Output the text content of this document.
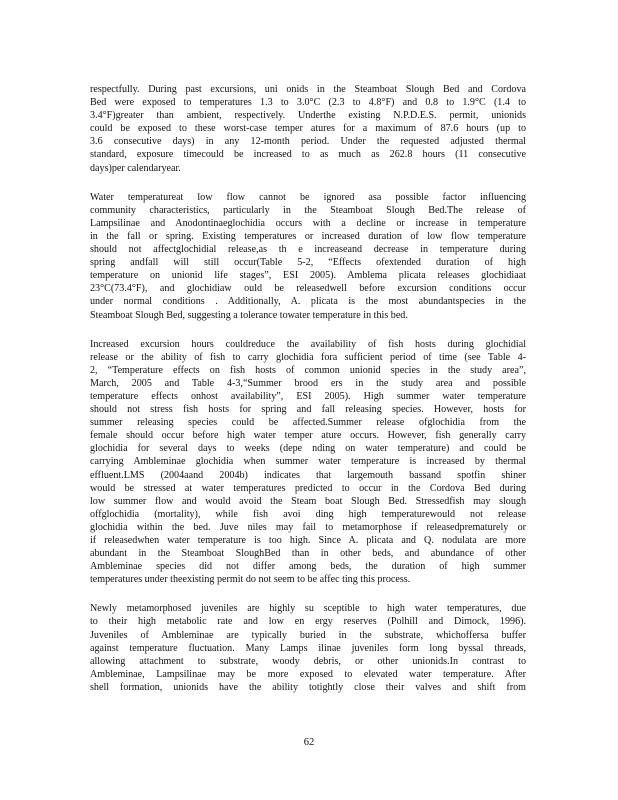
respectfully. During past excursions, uni onids in the Steamboat Slough Bed and Cordova
Bed were exposed to temperatures 1.3 to 3.0°C (2.3 to 4.8°F) and 0.8 to 1.9°C (1.4 to
3.4°F)greater than ambient, respectively. Underthe existing N.P.D.E.S. permit, unionids
could be exposed to these worst-case temper atures for a maximum of 87.6 hours (up to
3.6 consecutive days) in any 12-month period. Under the requested adjusted thermal
standard, exposure timecould be increased to as much as 262.8 hours (11 consecutive
days)per calendaryear.

Water temperatureat low flow cannot be ignored asa possible factor influencing
community characteristics, particularly in the Steamboat Slough Bed.The release of
Lampsilinae and Anodontinaeglochidia occurs with a decline or increase in temperature
in the fall or spring. Existing temperatures or increased duration of low flow temperature
should not affectglochidial release,as th e increaseand decrease in temperature during
spring andfall will still occur(Table 5-2, “Effects ofextended duration of high
temperature on unionid life stages”, ESI 2005). Amblema plicata releases glochidiaat
23°C(73.4°F), and glochidiaw ould be releasedwell before excursion conditions occur
under normal conditions . Additionally, A. plicata is the most abundantspecies in the
Steamboat Slough Bed, suggesting a tolerance towater temperature in this bed.

Increased excursion hours couldreduce the availability of fish hosts during glochidial
release or the ability of fish to carry glochidia fora sufficient period of time (see Table 4-
2, “Temperature effects on fish hosts of common unionid species in the study area”,
March, 2005 and Table 4-3,“Summer brood ers in the study area and possible
temperature effects onhost availability”, ESI 2005). High summer water temperature
should not stress fish hosts for spring and fall releasing species. However, hosts for
summer releasing species could be affected.Summer release ofglochidia from the
female should occur before high water temper ature occurs. However, fish generally carry
glochidia for several days to weeks (depe nding on water temperature) and could be
carrying Ambleminae glochidia when summer water temperature is increased by thermal
effluent.LMS (2004aand 2004b) indicates that largemouth bassand spotfin shiner
would be stressed at water temperatures predicted to occur in the Cordova Bed during
low summer flow and would avoid the Steam boat Slough Bed. Stressedfish may slough
offglochidia (mortality), while fish avoi ding high temperaturewould not release
glochidia within the bed. Juve niles may fail to metamorphose if releasedprematurely or
if releasedwhen water temperature is too high. Since A. plicata and Q. nodulata are more
abundant in the Steamboat SloughBed than in other beds, and abundance of other
Ambleminae species did not differ among beds, the duration of high summer
temperatures under theexisting permit do not seem to be affec ting this process.

Newly metamorphosed juveniles are highly su sceptible to high water temperatures, due
to their high metabolic rate and low en ergy reserves (Polhill and Dimock, 1996).
Juveniles of Ambleminae are typically buried in the substrate, whichoffersa buffer
against temperature fluctuation. Many Lamps ilinae juveniles form long byssal threads,
allowing attachment to substrate, woody debris, or other unionids.In contrast to
Ambleminae, Lampsilinae may be more exposed to elevated water temperature. After
shell formation, unionids have the ability totightly close their valves and shift from

62
